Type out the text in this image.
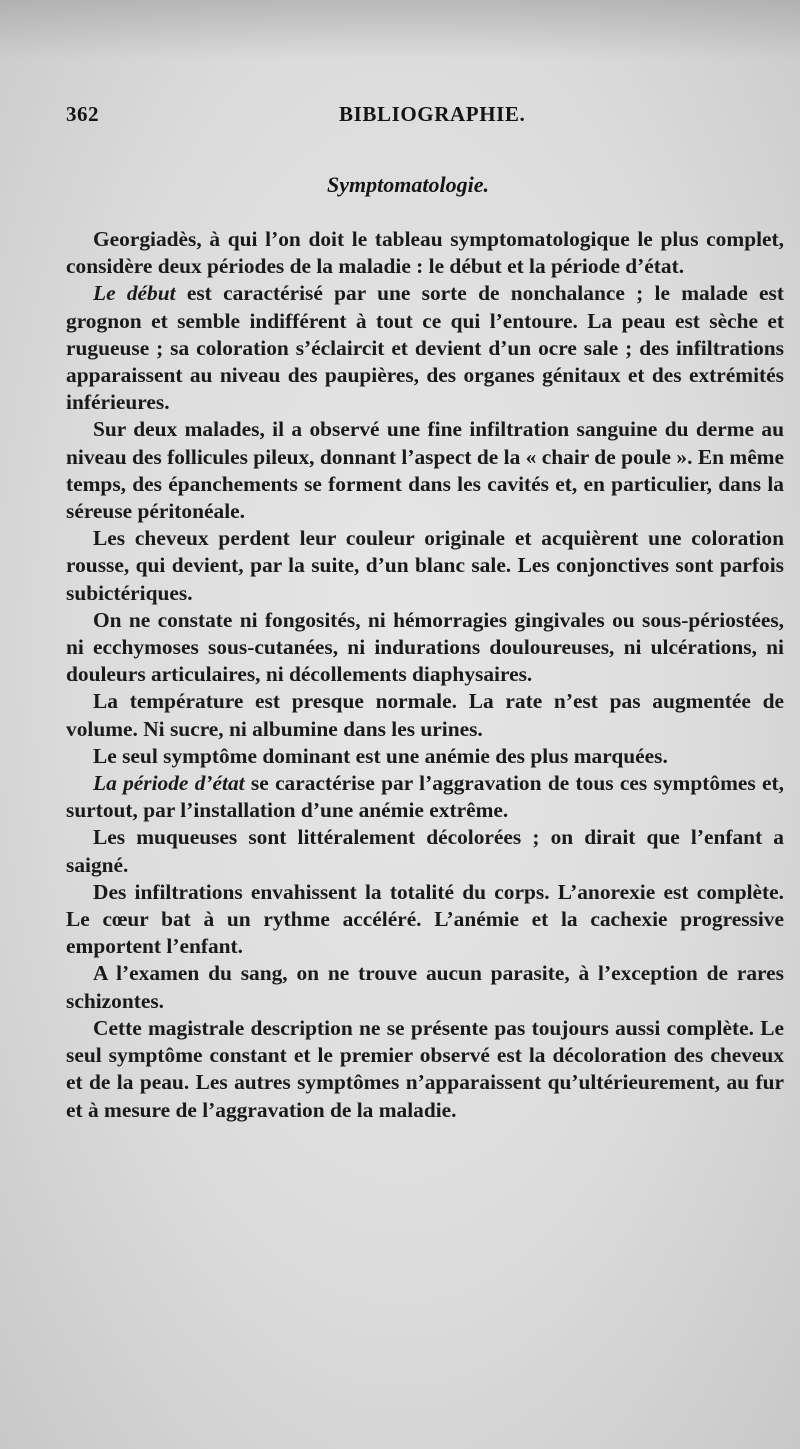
362	BIBLIOGRAPHIE.
Symptomatologie.

Georgiadès, à qui l’on doit le tableau symptomatologique le plus complet, considère deux périodes de la maladie : le début et la période d’état.

Le début est caractérisé par une sorte de nonchalance ; le malade est grognon et semble indifférent à tout ce qui l’entoure. La peau est sèche et rugueuse ; sa coloration s’éclaircit et devient d’un ocre sale ; des infiltrations apparaissent au niveau des paupières, des organes génitaux et des extrémités inférieures.

Sur deux malades, il a observé une fine infiltration sanguine du derme au niveau des follicules pileux, donnant l’aspect de la « chair de poule ». En même temps, des épanchements se forment dans les cavités et, en particulier, dans la séreuse péritonéale.

Les cheveux perdent leur couleur originale et acquièrent une coloration rousse, qui devient, par la suite, d’un blanc sale. Les conjonctives sont parfois subictériques.

On ne constate ni fongosités, ni hémorragies gingivales ou sous-périostées, ni ecchymoses sous-cutanées, ni indurations douloureuses, ni ulcérations, ni douleurs articulaires, ni décollements diaphysaires.

La température est presque normale. La rate n’est pas augmentée de volume. Ni sucre, ni albumine dans les urines.

Le seul symptôme dominant est une anémie des plus marquées.

La période d’état se caractérise par l’aggravation de tous ces symptômes et, surtout, par l’installation d’une anémie extrême.

Les muqueuses sont littéralement décolorées ; on dirait que l’enfant a saigné.

Des infiltrations envahissent la totalité du corps. L’anorexie est complète. Le cœur bat à un rythme accéléré. L’anémie et la cachexie progressive emportent l’enfant.

A l’examen du sang, on ne trouve aucun parasite, à l’exception de rares schizontes.

Cette magistrale description ne se présente pas toujours aussi complète. Le seul symptôme constant et le premier observé est la décoloration des cheveux et de la peau. Les autres symptômes n’apparaissent qu’ultérieurement, au fur et à mesure de l’aggravation de la maladie.
